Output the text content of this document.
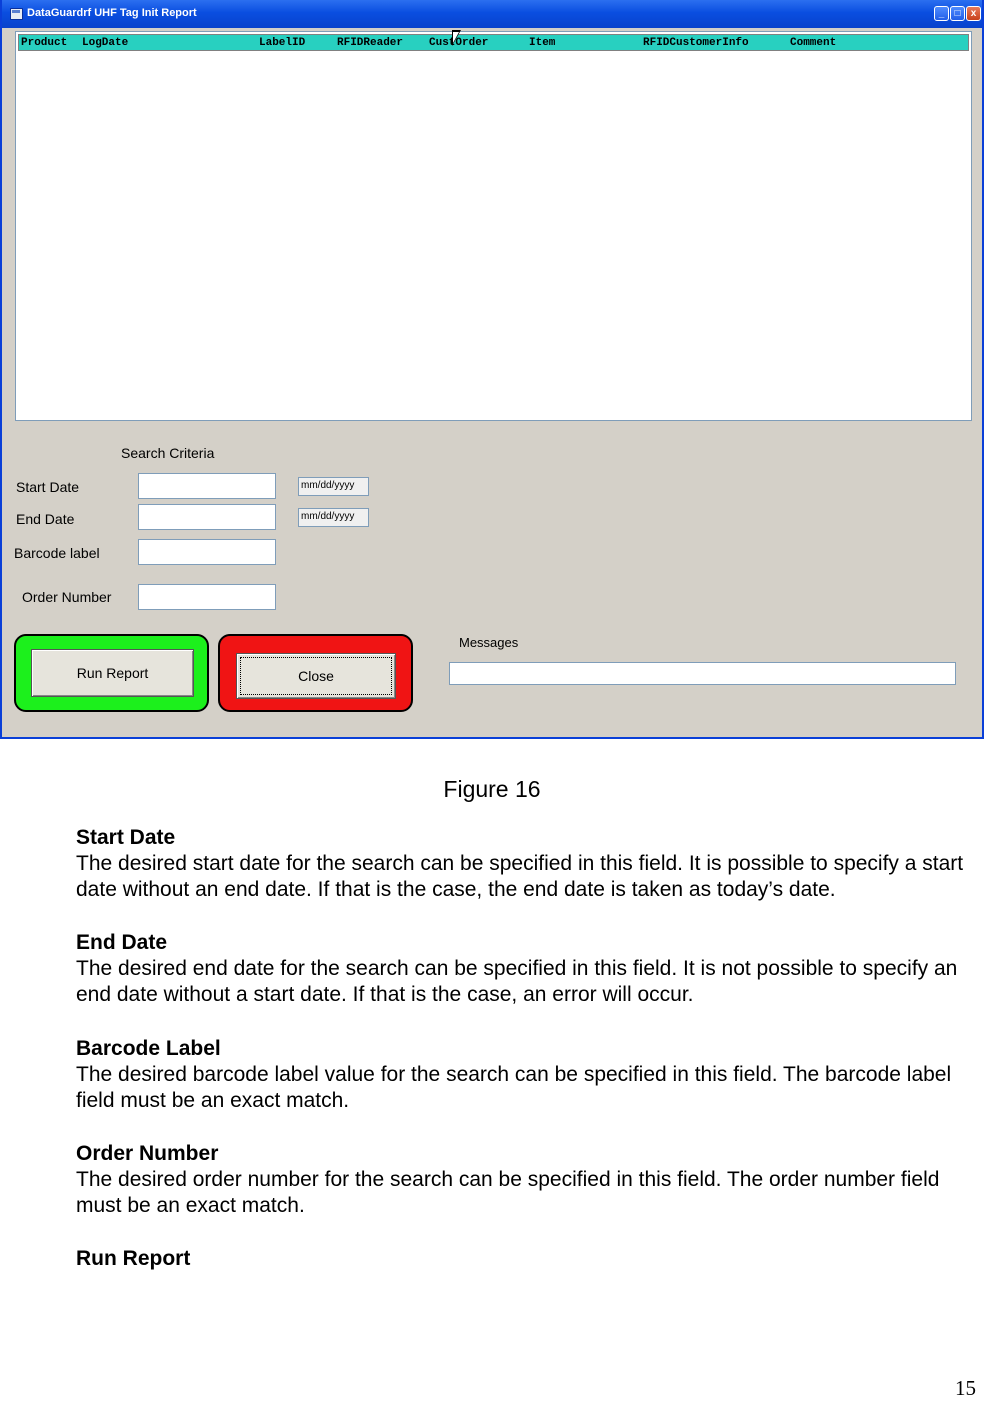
DataGuardrf UHF Tag Init Report	_	□	x
Product LogDate	LabelID	RFIDReader CustOrder	Item	RFIDCustomerInfo	Comment
Search Criteria
Start Date	mm/dd/yyyy
End Date	mm/dd/yyyy
Barcode label
Order Number
Run Report	Close
Messages
Figure 16
Start Date

The desired start date for the search can be specified in this field. It is possible to specify a start date without an end date. If that is the case, the end date is taken as today’s date.

End Date

The desired end date for the search can be specified in this field. It is not possible to specify an end date without a start date. If that is the case, an error will occur.

Barcode Label

The desired barcode label value for the search can be specified in this field. The barcode label field must be an exact match.

Order Number

The desired order number for the search can be specified in this field. The order number field must be an exact match.

Run Report
15
